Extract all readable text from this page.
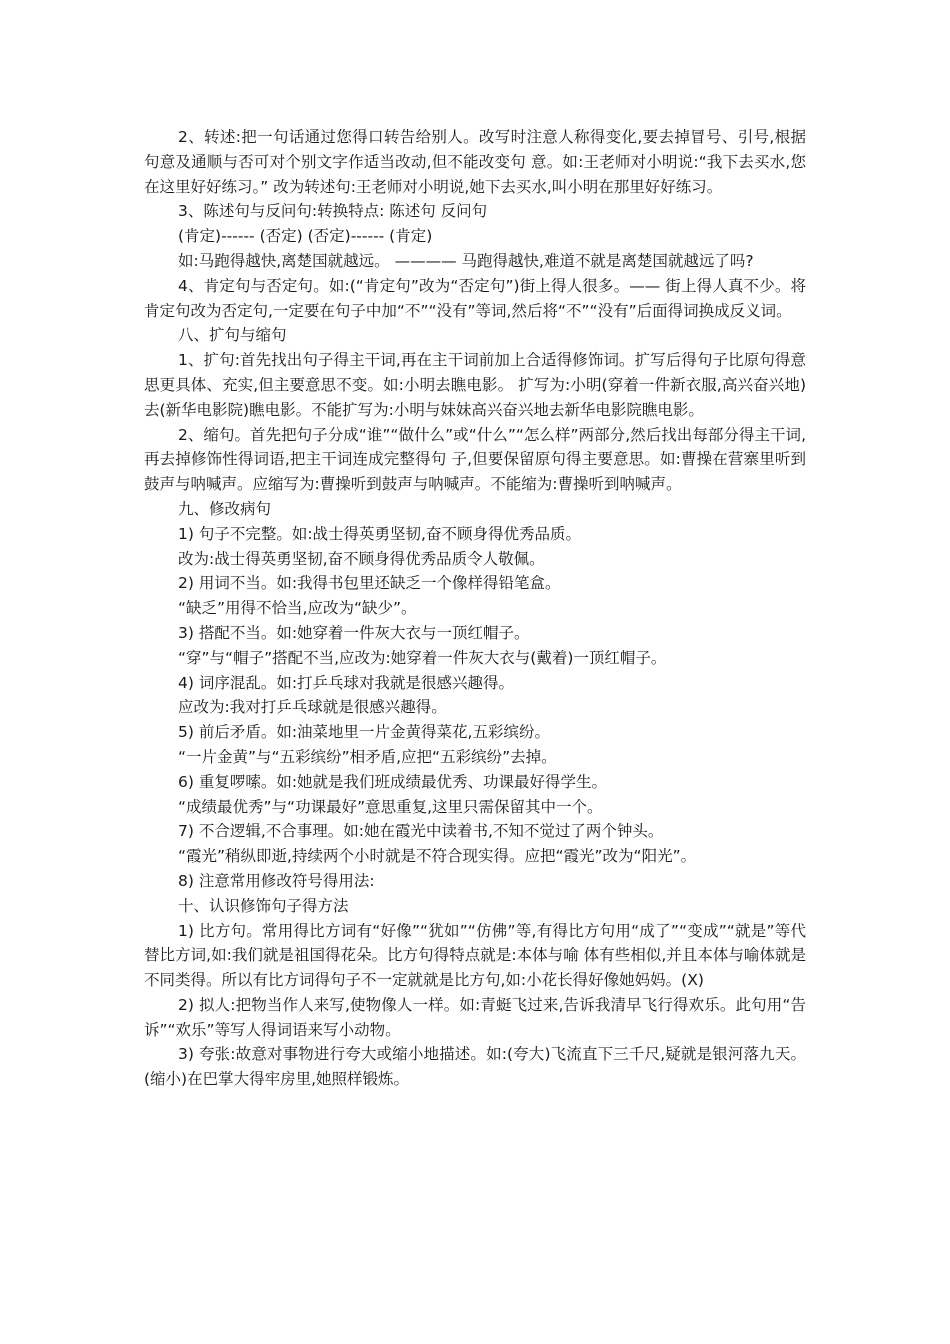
2、转述:把一句话通过您得口转告给别人。改写时注意人称得变化,要去掉冒号、引号,根据句意及通顺与否可对个别文字作适当改动,但不能改变句 意。如:王老师对小明说:“我下去买水,您在这里好好练习。” 改为转述句:王老师对小明说,她下去买水,叫小明在那里好好练习。

3、陈述句与反问句:转换特点: 陈述句 反问句

(肯定)------ (否定) (否定)------ (肯定)

如:马跑得越快,离楚国就越远。 ———— 马跑得越快,难道不就是离楚国就越远了吗?

4、肯定句与否定句。如:(“肯定句”改为“否定句”)街上得人很多。—— 街上得人真不少。将肯定句改为否定句,一定要在句子中加“不”“没有”等词,然后将“不”“没有”后面得词换成反义词。

八、扩句与缩句

1、扩句:首先找出句子得主干词,再在主干词前加上合适得修饰词。扩写后得句子比原句得意思更具体、充实,但主要意思不变。如:小明去瞧电影。 扩写为:小明(穿着一件新衣服,高兴奋兴地)去(新华电影院)瞧电影。不能扩写为:小明与妹妹高兴奋兴地去新华电影院瞧电影。

2、缩句。首先把句子分成“谁”“做什么”或“什么”“怎么样”两部分,然后找出每部分得主干词,再去掉修饰性得词语,把主干词连成完整得句 子,但要保留原句得主要意思。如:曹操在营寨里听到鼓声与呐喊声。应缩写为:曹操听到鼓声与呐喊声。不能缩为:曹操听到呐喊声。

九、修改病句

1) 句子不完整。如:战士得英勇坚韧,奋不顾身得优秀品质。

改为:战士得英勇坚韧,奋不顾身得优秀品质令人敬佩。

2) 用词不当。如:我得书包里还缺乏一个像样得铅笔盒。

“缺乏”用得不恰当,应改为“缺少”。

3) 搭配不当。如:她穿着一件灰大衣与一顶红帽子。

“穿”与“帽子”搭配不当,应改为:她穿着一件灰大衣与(戴着)一顶红帽子。

4) 词序混乱。如:打乒乓球对我就是很感兴趣得。

应改为:我对打乒乓球就是很感兴趣得。

5) 前后矛盾。如:油菜地里一片金黄得菜花,五彩缤纷。

“一片金黄”与“五彩缤纷”相矛盾,应把“五彩缤纷”去掉。

6) 重复啰嗦。如:她就是我们班成绩最优秀、功课最好得学生。

“成绩最优秀”与“功课最好”意思重复,这里只需保留其中一个。

7) 不合逻辑,不合事理。如:她在霞光中读着书,不知不觉过了两个钟头。

“霞光”稍纵即逝,持续两个小时就是不符合现实得。应把“霞光”改为“阳光”。

8) 注意常用修改符号得用法:

十、认识修饰句子得方法

1) 比方句。常用得比方词有“好像”“犹如”“仿佛”等,有得比方句用“成了”“变成”“就是”等代替比方词,如:我们就是祖国得花朵。比方句得特点就是:本体与喻 体有些相似,并且本体与喻体就是不同类得。所以有比方词得句子不一定就就是比方句,如:小花长得好像她妈妈。(X)

2) 拟人:把物当作人来写,使物像人一样。如:青蜓飞过来,告诉我清早飞行得欢乐。此句用“告诉”“欢乐”等写人得词语来写小动物。

3) 夸张:故意对事物进行夸大或缩小地描述。如:(夸大)飞流直下三千尺,疑就是银河落九天。(缩小)在巴掌大得牢房里,她照样锻炼。
